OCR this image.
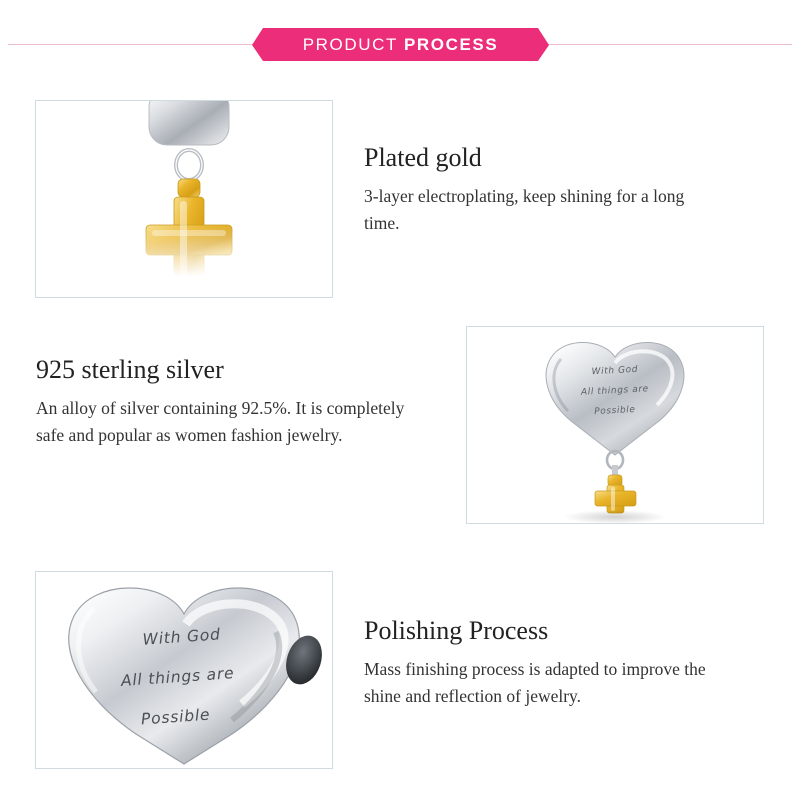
PRODUCT PROCESS
Plated gold

3-layer electroplating, keep shining for a long time.

925 sterling silver

An alloy of silver containing 92.5%. It is completely safe and popular as women fashion jewelry.

With God
All things are
Possible
With God
All things are
Possible
Polishing Process

Mass finishing process is adapted to improve the shine and reflection of jewelry.
